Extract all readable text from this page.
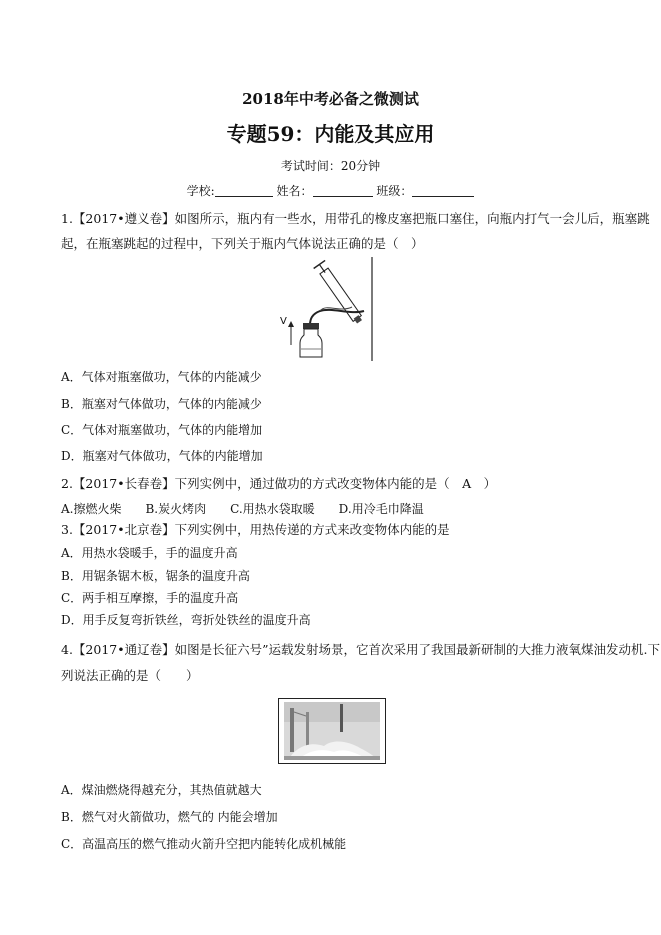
2018年中考必备之微测试
专题59：内能及其应用
考试时间：20分钟
学校:	姓名：	班级：
1.【2017•遵义卷】如图所示，瓶内有一些水，用带孔的橡皮塞把瓶口塞住，向瓶内打气一会儿后，瓶塞跳
起，在瓶塞跳起的过程中，下列关于瓶内气体说法正确的是（　）
V
A．气体对瓶塞做功，气体的内能减少
B．瓶塞对气体做功，气体的内能减少
C．气体对瓶塞做功，气体的内能增加
D．瓶塞对气体做功，气体的内能增加
2.【2017•长春卷】下列实例中，通过做功的方式改变物体内能的是（　A　）
A.擦燃火柴　　B.炭火烤肉　　C.用热水袋取暖　　D.用冷毛巾降温
3.【2017•北京卷】下列实例中，用热传递的方式来改变物体内能的是
A．用热水袋暖手，手的温度升高
B．用锯条锯木板，锯条的温度升高
C．两手相互摩擦，手的温度升高
D．用手反复弯折铁丝，弯折处铁丝的温度升高
4.【2017•通辽卷】如图是长征六号”运载发射场景，它首次采用了我国最新研制的大推力液氧煤油发动机.下
列说法正确的是（　　）
A．煤油燃烧得越充分，其热值就越大
B．燃气对火箭做功，燃气的 内能会增加
C．高温高压的燃气推动火箭升空把内能转化成机械能
